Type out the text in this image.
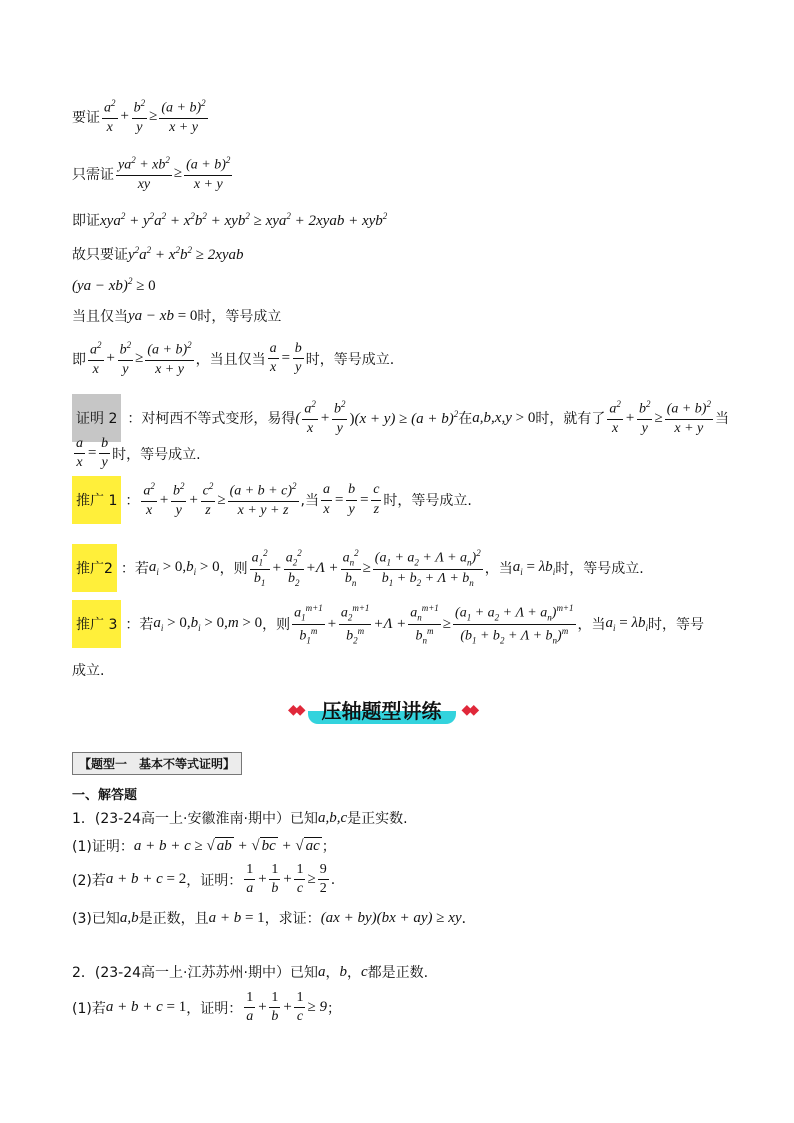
要证 $\frac{a^2}{x} + \frac{b^2}{y} \ge \frac{(a + b)^2}{x + y}$
只需证 $\frac{ya^2 + xb^2}{xy} \ge \frac{(a + b)^2}{x + y}$
即证 $xya^2 + y^2a^2 + x^2b^2 + xyb^2 \ge xya^2$ + 2xyab + xyb$^2$
故只要证 $y^2a^2 + x^2b^2$ ≥ 2xyab
(ya − xb)$^2$ ≥ 0
当且仅当 ya − xb = 0 时，等号成立
即 $\frac{a^2}{x} + \frac{b^2}{y} \ge \frac{(a + b)^2}{x + y}$ ，当且仅当 $\frac{a}{x} = \frac{b}{y}$ 时，等号成立.
证明 2 ：对柯西不等式变形，易得 ( $\frac{a^2}{x} + \frac{b^2}{y} )(x + y) \ge (a + b)^2$ 在 a,b,x,y > 0 时，就有了 $\frac{a^2}{x} + \frac{b^2}{y} \ge \frac{(a + b)^2}{x + y}$ 当
$\frac{a}{x} = \frac{b}{y}$ 时，等号成立.
推广 1 ： $\frac{a^2}{x} + \frac{b^2}{y} + \frac{c^2}{z} \ge \frac{(a + b + c)^2}{x + y + z}$ ,当 $\frac{a}{x} = \frac{b}{y} = \frac{c}{z}$ 时，等号成立.
推广2 ：若 $a_i > 0,b_i > 0$ ，则 $\frac{a_1^2}{b_1} + \frac{a_2^2}{b_2} +\Lambda + \frac{a_n^2}{b_n} \ge \frac{(a_1 + a_2 + \Lambda + a_n)^2}{b_1 + b_2 + \Lambda + b_n}$ ，当 $a_i = \lambda b_i$ 时，等号成立.
推广 3 ：若 $a_i > 0,b_i > 0,m > 0$ ，则 $\frac{a_1^{m+1}}{b_1^m} + \frac{a_2^{m+1}}{b_2^m} +\Lambda + \frac{a_n^{m+1}}{b_n^m} \ge \frac{(a_1 + a_2 + \Lambda + a_n)^{m+1}}{(b_1 + b_2 + \Lambda + b_n)^m}$ ，当 $a_i = \lambda b_i$ 时，等号
成立.
◆◆	压轴题型讲练	◆◆
【题型一　基本不等式证明】
一、解答题
1．(23-24高一上·安徽淮南·期中）已知 a,b,c 是正实数.
(1)证明： a + b + c ≥ √ ab + √ bc + √ ac ；
(2)若 a + b + c = 2 ，证明： $\frac{1}{a} + \frac{1}{b} + \frac{1}{c} \ge \frac{9}{2}$ .
(3)已知 a,b 是正数，且 a + b = 1 ，求证： (ax + by)(bx + ay) ≥ xy ．
2．(23-24高一上·江苏苏州·期中）已知 a ， b ， c 都是正数.
(1)若 a + b + c = 1 ，证明： $\frac{1}{a} + \frac{1}{b} + \frac{1}{c} \ge 9$ ；
